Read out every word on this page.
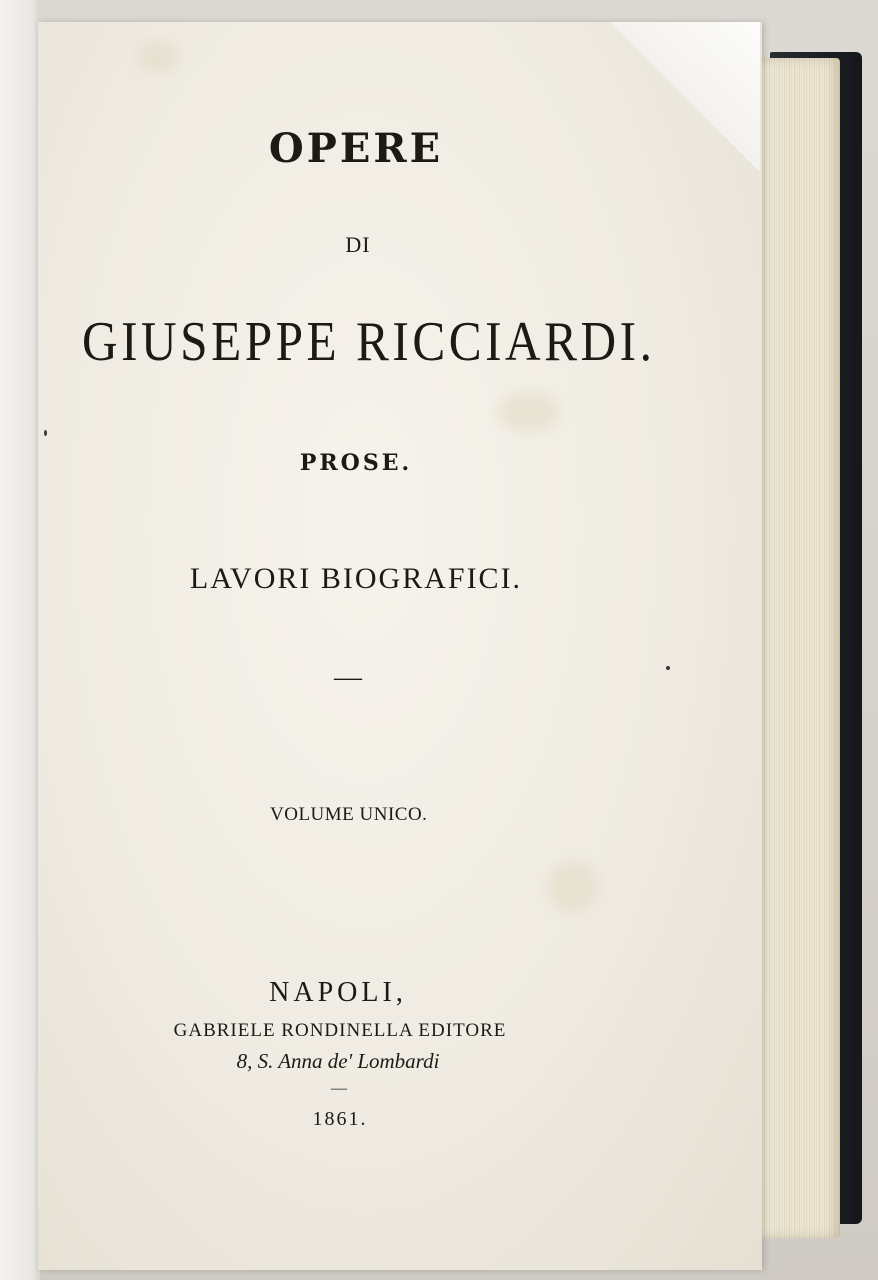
OPERE
DI
GIUSEPPE RICCIARDI.
PROSE.
LAVORI BIOGRAFICI.
—
VOLUME UNICO.
NAPOLI,
GABRIELE RONDINELLA EDITORE
8, S. Anna de' Lombardi
—
1861.
